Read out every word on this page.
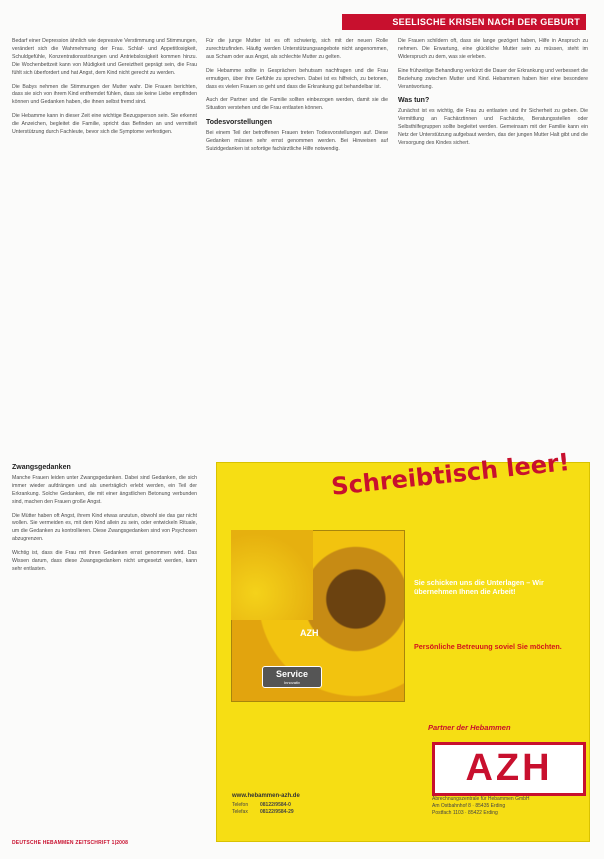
SEELISCHE KRISEN NACH DER GEBURT

Bedarf einer Depression ähnlich wie depressive Verstimmung und Stimmungen, verändert sich die Wahrnehmung der Frau. Schlaf- und Appetitlosigkeit, Schuldgefühle, Konzentrationsstörungen und Antriebslosigkeit kommen hinzu. Die Wochenbettzeit kann von Müdigkeit und Gereiztheit geprägt sein, die Frau fühlt sich überfordert und hat Angst, dem Kind nicht gerecht zu werden.

Die Babys nehmen die Stimmungen der Mutter wahr. Die Frauen berichten, dass sie sich von ihrem Kind entfremdet fühlen, dass sie keine Liebe empfinden können und Gedanken haben, die ihnen selbst fremd sind.

Die Hebamme kann in dieser Zeit eine wichtige Bezugsperson sein. Sie erkennt die Anzeichen, begleitet die Familie, spricht das Befinden an und vermittelt Unterstützung durch Fachleute, bevor sich die Symptome verfestigen.

Zwangsgedanken

Manche Frauen leiden unter Zwangsgedanken. Dabei sind Gedanken, die sich immer wieder aufdrängen und als unerträglich erlebt werden, ein Teil der Erkrankung. Solche Gedanken, die mit einer ängstlichen Betonung verbunden sind, machen den Frauen große Angst.

Die Mütter haben oft Angst, ihrem Kind etwas anzutun, obwohl sie das gar nicht wollen. Sie vermeiden es, mit dem Kind allein zu sein, oder entwickeln Rituale, um die Gedanken zu kontrollieren. Diese Zwangsgedanken sind von Psychosen abzugrenzen.

Wichtig ist, dass die Frau mit ihren Gedanken ernst genommen wird. Das Wissen darum, dass diese Zwangsgedanken nicht umgesetzt werden, kann sehr entlasten.

Für die junge Mutter ist es oft schwierig, sich mit der neuen Rolle zurechtzufinden. Häufig werden Unterstützungsangebote nicht angenommen, aus Scham oder aus Angst, als schlechte Mutter zu gelten.

Die Hebamme sollte in Gesprächen behutsam nachfragen und die Frau ermutigen, über ihre Gefühle zu sprechen. Dabei ist es hilfreich, zu betonen, dass es vielen Frauen so geht und dass die Erkrankung gut behandelbar ist.

Auch der Partner und die Familie sollten einbezogen werden, damit sie die Situation verstehen und die Frau entlasten können.

Todesvorstellungen

Bei einem Teil der betroffenen Frauen treten Todesvorstellungen auf. Diese Gedanken müssen sehr ernst genommen werden. Bei Hinweisen auf Suizidgedanken ist sofortige fachärztliche Hilfe notwendig.

Die Frauen schildern oft, dass sie lange gezögert haben, Hilfe in Anspruch zu nehmen. Die Erwartung, eine glückliche Mutter sein zu müssen, steht im Widerspruch zu dem, was sie erleben.

Eine frühzeitige Behandlung verkürzt die Dauer der Erkrankung und verbessert die Beziehung zwischen Mutter und Kind. Hebammen haben hier eine besondere Verantwortung.

Was tun?

Zunächst ist es wichtig, die Frau zu entlasten und ihr Sicherheit zu geben. Die Vermittlung an Fachärztinnen und Fachärzte, Beratungsstellen oder Selbsthilfegruppen sollte begleitet werden. Gemeinsam mit der Familie kann ein Netz der Unterstützung aufgebaut werden, das der jungen Mutter Halt gibt und die Versorgung des Kindes sichert.

Schreibtisch leer!
AZH
Service
Innovativ
Sie schicken uns die Unterlagen – Wir übernehmen Ihnen die Arbeit!
Persönliche Betreuung soviel Sie möchten.
Partner der Hebammen
AZH
Abrechnungszentrale für Hebammen GmbH
Am Ostbahnhof 8 · 85435 Erding
Postfach 1103 · 85422 Erding
www.hebammen-azh.de
Telefon 08122/9584-0
Telefax 08122/9584-29
DEUTSCHE HEBAMMEN ZEITSCHRIFT 1|2008
